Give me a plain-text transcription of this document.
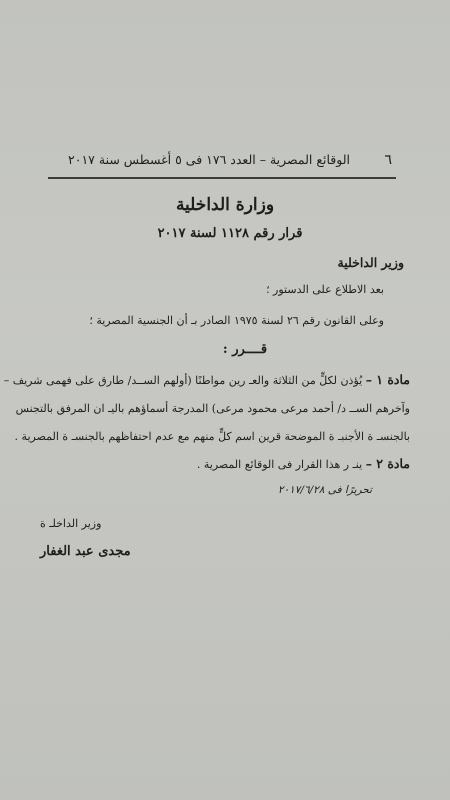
٦
الوقائع المصرية – العدد ١٧٦ فى ٥ أغسطس سنة ٢٠١٧
وزارة الداخلية
قرار رقم ١١٢٨ لسنة ٢٠١٧
وزير الداخلية
بعد الاطلاع على الدستور ؛
وعلى القانون رقم ٢٦ لسنة ١٩٧٥ الصادر بـ أن الجنسية المصرية ؛
قــــرر :
مادة ١ – يُؤذن لكلٍّ من الثلاثة والعـ رين مواطنًا (أولهم الســد/ طارق على فهمى شريف –
وآخرهم الســ د/ أحمد مرعى محمود مرعى) المدرجة أسماؤهم باليـ ان المرفق بالتجنس
بالجنسـ ة الأجنبـ ة الموضحة قرين اسم كلٍّ منهم مع عدم احتفاظهم بالجنسـ ة المصرية .
مادة ٢ – ينـ ر هذا القرار فى الوقائع المصرية .
تحريرًا فى ٢٠١٧/٦/٢٨
وزير الداخلـ ة
مجدى عبد الغفار
